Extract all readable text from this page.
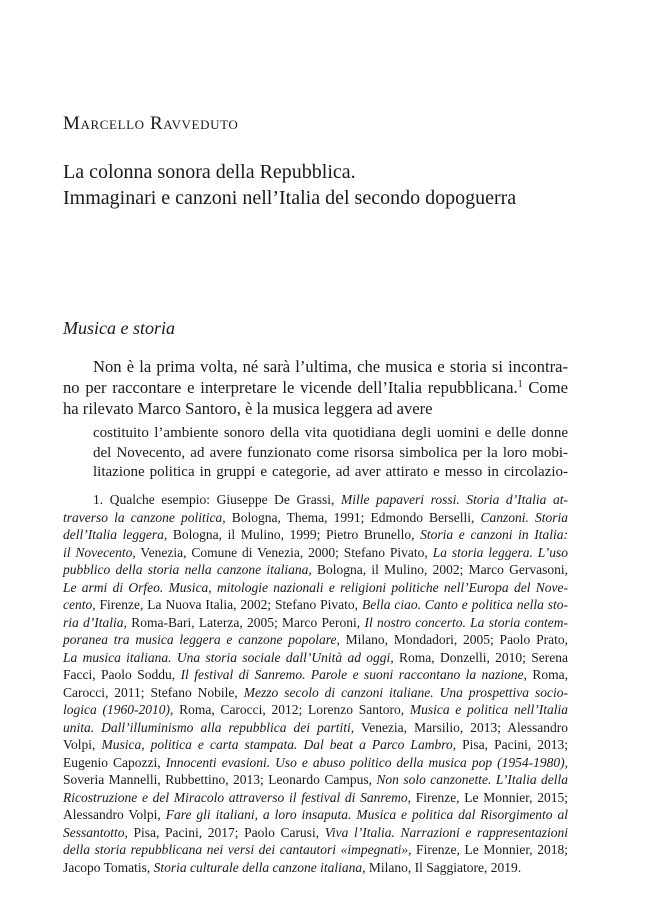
Marcello Ravveduto
La colonna sonora della Repubblica.
Immaginari e canzoni nell’Italia del secondo dopoguerra
Musica e storia
Non è la prima volta, né sarà l’ultima, che musica e storia si incontra-
no per raccontare e interpretare le vicende dell’Italia repubblicana.$^1$ Come
ha rilevato Marco Santoro, è la musica leggera ad avere
costituito l’ambiente sonoro della vita quotidiana degli uomini e delle donne
del Novecento, ad avere funzionato come risorsa simbolica per la loro mobi-
litazione politica in gruppi e categorie, ad aver attirato e messo in circolazio-
1. Qualche esempio: Giuseppe De Grassi, Mille papaveri rossi. Storia d’Italia at-
traverso la canzone politica, Bologna, Thema, 1991; Edmondo Berselli, Canzoni. Storia
dell’Italia leggera, Bologna, il Mulino, 1999; Pietro Brunello, Storia e canzoni in Italia:
il Novecento, Venezia, Comune di Venezia, 2000; Stefano Pivato, La storia leggera. L’uso
pubblico della storia nella canzone italiana, Bologna, il Mulino, 2002; Marco Gervasoni,
Le armi di Orfeo. Musica, mitologie nazionali e religioni politiche nell’Europa del Nove-
cento, Firenze, La Nuova Italia, 2002; Stefano Pivato, Bella ciao. Canto e politica nella sto-
ria d’Italia, Roma-Bari, Laterza, 2005; Marco Peroni, Il nostro concerto. La storia contem-
poranea tra musica leggera e canzone popolare, Milano, Mondadori, 2005; Paolo Prato,
La musica italiana. Una storia sociale dall’Unità ad oggi, Roma, Donzelli, 2010; Serena
Facci, Paolo Soddu, Il festival di Sanremo. Parole e suoni raccontano la nazione, Roma,
Carocci, 2011; Stefano Nobile, Mezzo secolo di canzoni italiane. Una prospettiva socio-
logica (1960-2010), Roma, Carocci, 2012; Lorenzo Santoro, Musica e politica nell’Italia
unita. Dall’illuminismo alla repubblica dei partiti, Venezia, Marsilio, 2013; Alessandro
Volpi, Musica, politica e carta stampata. Dal beat a Parco Lambro, Pisa, Pacini, 2013;
Eugenio Capozzi, Innocenti evasioni. Uso e abuso politico della musica pop (1954-1980),
Soveria Mannelli, Rubbettino, 2013; Leonardo Campus, Non solo canzonette. L’Italia della
Ricostruzione e del Miracolo attraverso il festival di Sanremo, Firenze, Le Monnier, 2015;
Alessandro Volpi, Fare gli italiani, a loro insaputa. Musica e politica dal Risorgimento al
Sessantotto, Pisa, Pacini, 2017; Paolo Carusi, Viva l’Italia. Narrazioni e rappresentazioni
della storia repubblicana nei versi dei cantautori «impegnati», Firenze, Le Monnier, 2018;
Jacopo Tomatis, Storia culturale della canzone italiana, Milano, Il Saggiatore, 2019.
